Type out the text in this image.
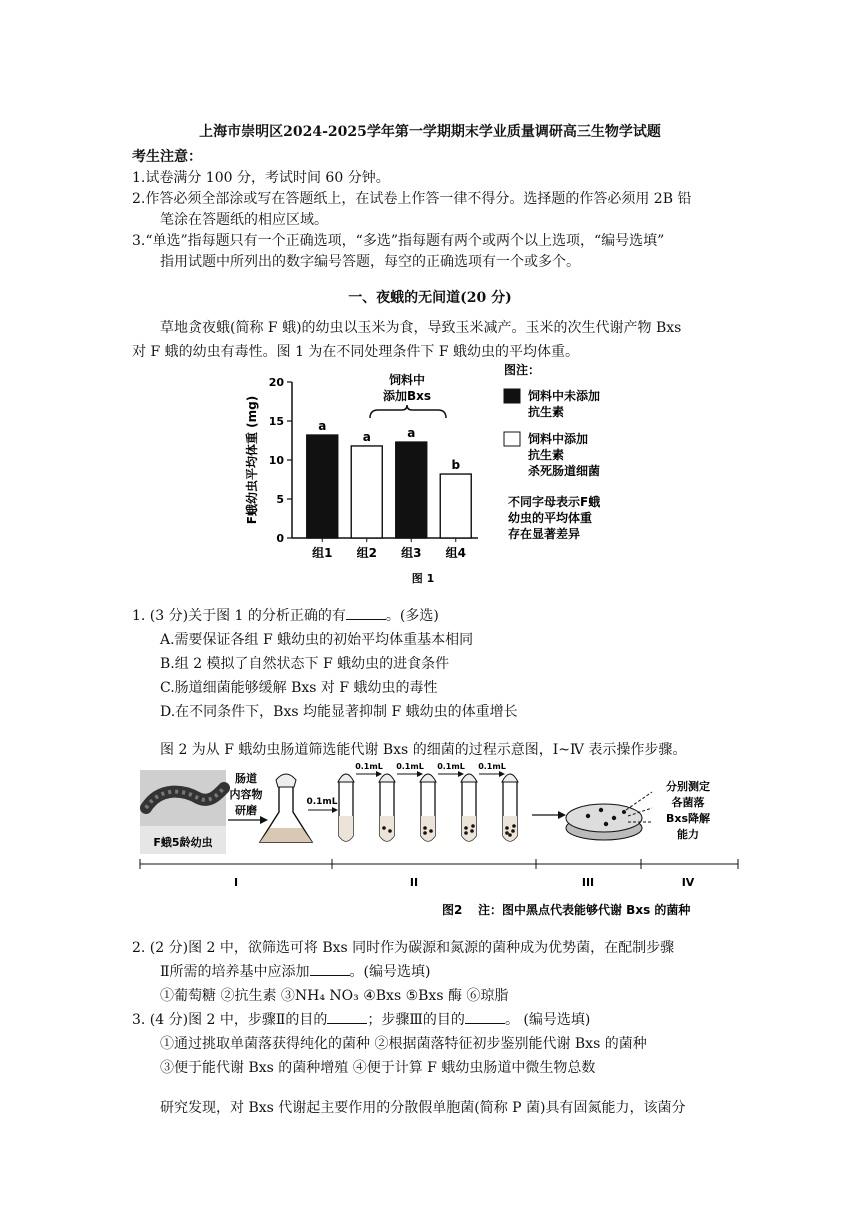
上海市崇明区2024-2025学年第一学期期末学业质量调研高三生物学试题
考生注意：
1.试卷满分 100 分，考试时间 60 分钟。
2.作答必须全部涂或写在答题纸上，在试卷上作答一律不得分。选择题的作答必须用 2B 铅
笔涂在答题纸的相应区域。
3.“单选”指每题只有一个正确选项，“多选”指每题有两个或两个以上选项，“编号选填”
指用试题中所列出的数字编号答题，每空的正确选项有一个或多个。
一、夜蛾的无间道(20 分)
草地贪夜蛾(简称 F 蛾)的幼虫以玉米为食，导致玉米减产。玉米的次生代谢产物 Bxs
对 F 蛾的幼虫有毒性。图 1 为在不同处理条件下 F 蛾幼虫的平均体重。
0
5
10
15
20
F蛾幼虫平均体重 (mg)	a
组1
a
组2
a
组3
b
组4
饲料中
添加Bxs
图注：
饲料中未添加
抗生素
饲料中添加
抗生素
杀死肠道细菌
不同字母表示F蛾
幼虫的平均体重
存在显著差异
图 1
1. (3 分)关于图 1 的分析正确的有	。(多选)
A.需要保证各组 F 蛾幼虫的初始平均体重基本相同
B.组 2 模拟了自然状态下 F 蛾幼虫的进食条件
C.肠道细菌能够缓解 Bxs 对 F 蛾幼虫的毒性
D.在不同条件下，Bxs 均能显著抑制 F 蛾幼虫的体重增长
图 2 为从 F 蛾幼虫肠道筛选能代谢 Bxs 的细菌的过程示意图，Ⅰ~Ⅳ 表示操作步骤。
F蛾5龄幼虫
肠道
内容物
研磨
0.1mL
0.1mL 0.1mL 0.1mL 0.1mL
分别测定
各菌落
Bxs降解
能力
I	II	III	IV
图2 注：图中黑点代表能够代谢 Bxs 的菌种
2. (2 分)图 2 中，欲筛选可将 Bxs 同时作为碳源和氮源的菌种成为优势菌，在配制步骤
Ⅱ所需的培养基中应添加	。(编号选填)
①葡萄糖 ②抗生素 ③NH₄ NO₃ ④Bxs ⑤Bxs 酶 ⑥琼脂
3. (4 分)图 2 中，步骤Ⅱ的目的	；步骤Ⅲ的目的	。 (编号选填)
①通过挑取单菌落获得纯化的菌种 ②根据菌落特征初步鉴别能代谢 Bxs 的菌种
③便于能代谢 Bxs 的菌种增殖 ④便于计算 F 蛾幼虫肠道中微生物总数
研究发现，对 Bxs 代谢起主要作用的分散假单胞菌(简称 P 菌)具有固氮能力，该菌分
